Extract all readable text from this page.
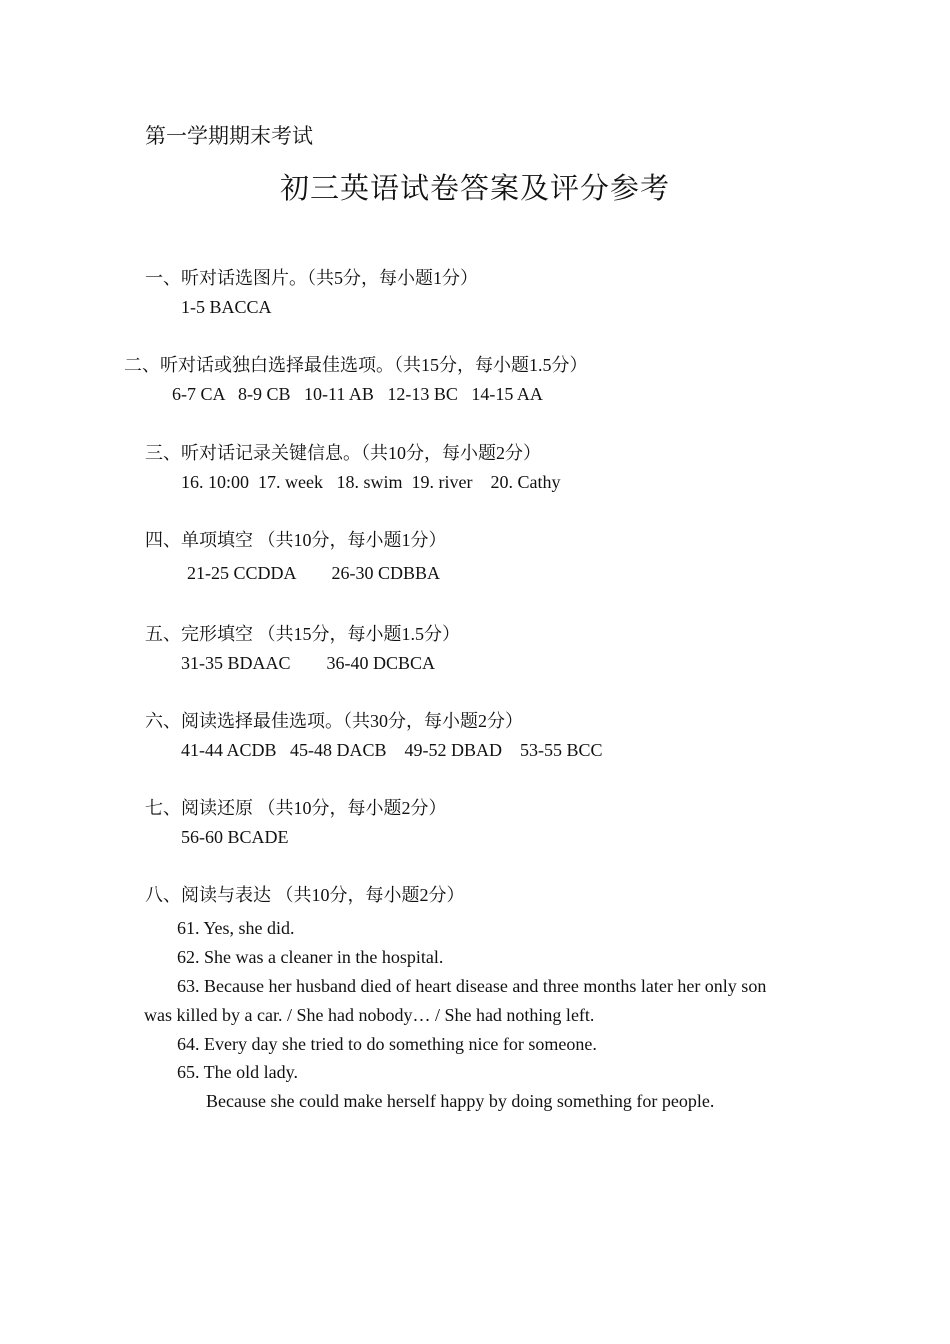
第一学期期末考试
初三英语试卷答案及评分参考
一、听对话选图片。（共5分，每小题1分）
1-5 BACCA
二、听对话或独白选择最佳选项。（共15分，每小题1.5分）
6-7 CA   8-9 CB   10-11 AB   12-13 BC   14-15 AA
三、听对话记录关键信息。（共10分，每小题2分）
16. 10:00  17. week   18. swim  19. river    20. Cathy
四、单项填空 （共10分，每小题1分）
21-25 CCDDA        26-30 CDBBA
五、完形填空 （共15分，每小题1.5分）
31-35 BDAAC        36-40 DCBCA
六、阅读选择最佳选项。（共30分，每小题2分）
41-44 ACDB   45-48 DACB    49-52 DBAD    53-55 BCC
七、阅读还原 （共10分，每小题2分）
56-60 BCADE
八、阅读与表达 （共10分，每小题2分）
61. Yes, she did.
62. She was a cleaner in the hospital.
63. Because her husband died of heart disease and three months later her only son
was killed by a car. / She had nobody… / She had nothing left.
64. Every day she tried to do something nice for someone.
65. The old lady.
Because she could make herself happy by doing something for people.
